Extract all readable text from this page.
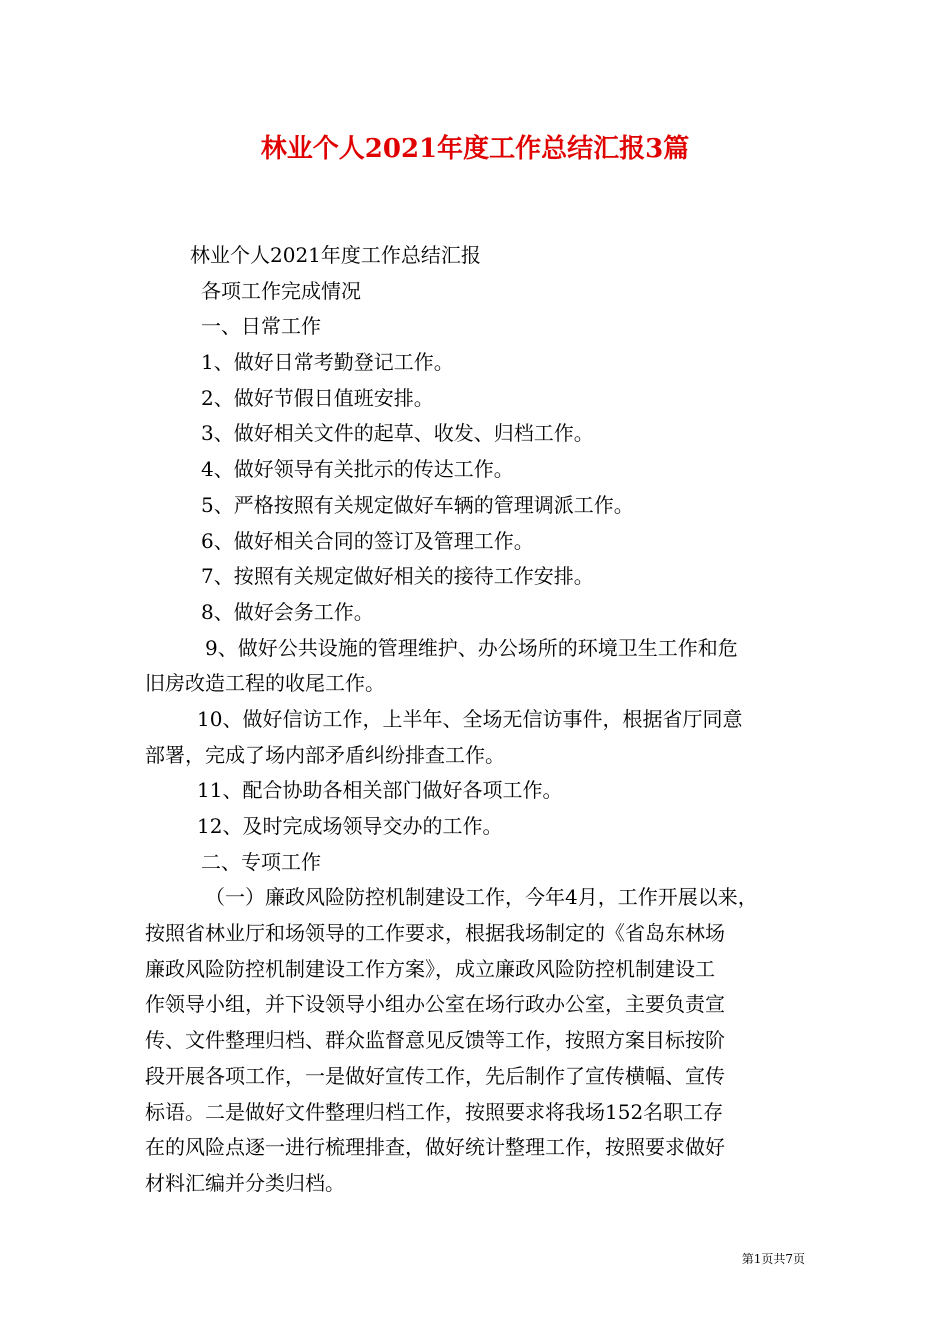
林业个人2021年度工作总结汇报3篇

林业个人2021年度工作总结汇报

各项工作完成情况

一、日常工作

1、做好日常考勤登记工作。

2、做好节假日值班安排。

3、做好相关文件的起草、收发、归档工作。

4、做好领导有关批示的传达工作。

5、严格按照有关规定做好车辆的管理调派工作。

6、做好相关合同的签订及管理工作。

7、按照有关规定做好相关的接待工作安排。

8、做好会务工作。

9、做好公共设施的管理维护、办公场所的环境卫生工作和危

旧房改造工程的收尾工作。

10、做好信访工作，上半年、全场无信访事件，根据省厅同意

部署，完成了场内部矛盾纠纷排查工作。

11、配合协助各相关部门做好各项工作。

12、及时完成场领导交办的工作。

二、专项工作

（一）廉政风险防控机制建设工作，今年4月，工作开展以来，

按照省林业厅和场领导的工作要求，根据我场制定的《省岛东林场

廉政风险防控机制建设工作方案》，成立廉政风险防控机制建设工

作领导小组，并下设领导小组办公室在场行政办公室，主要负责宣

传、文件整理归档、群众监督意见反馈等工作，按照方案目标按阶

段开展各项工作，一是做好宣传工作，先后制作了宣传横幅、宣传

标语。二是做好文件整理归档工作，按照要求将我场152名职工存

在的风险点逐一进行梳理排查，做好统计整理工作，按照要求做好

材料汇编并分类归档。

第1页共7页
